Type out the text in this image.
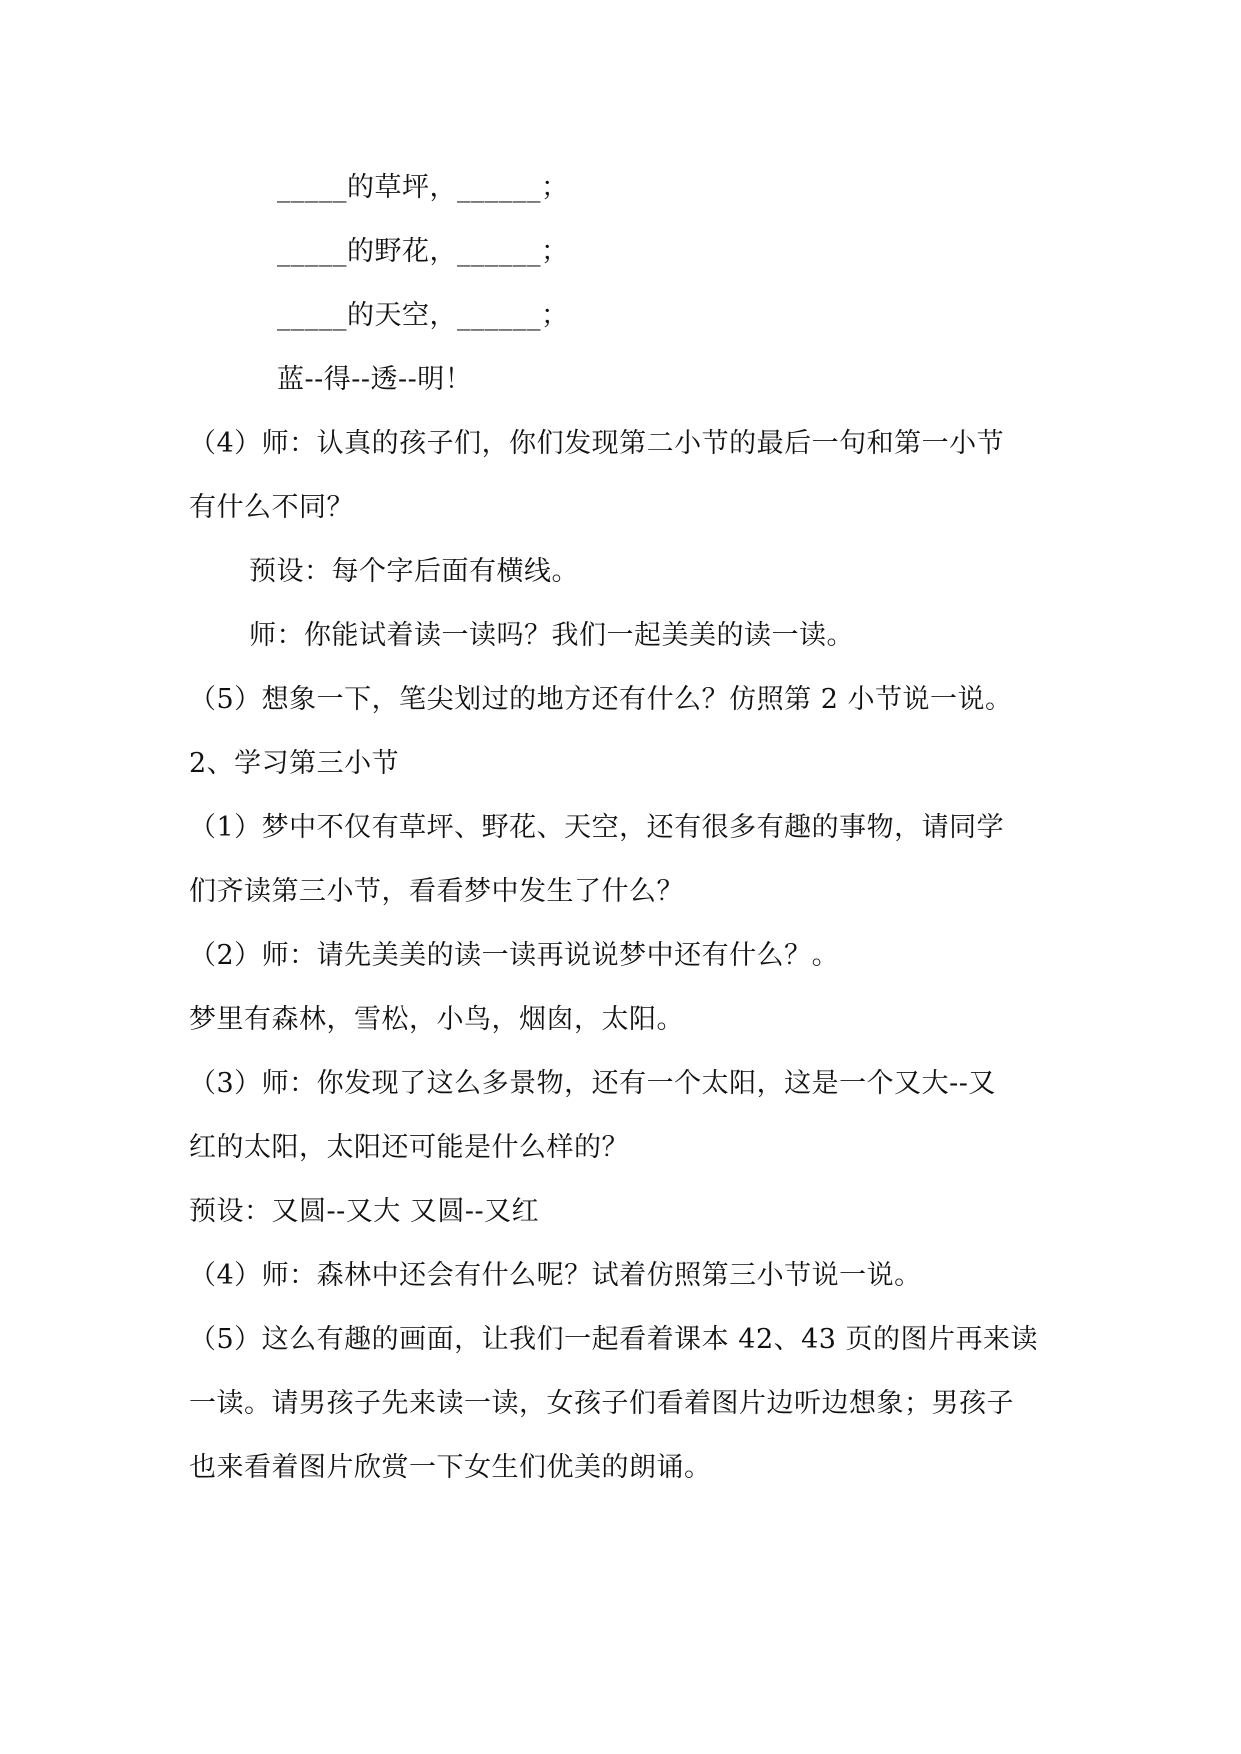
_____的草坪，______；
_____的野花，______；
_____的天空，______；
蓝--得--透--明！
（4）师：认真的孩子们，你们发现第二小节的最后一句和第一小节
有什么不同？
预设：每个字后面有横线。
师：你能试着读一读吗？我们一起美美的读一读。
（5）想象一下，笔尖划过的地方还有什么？仿照第 2 小节说一说。
2、学习第三小节
（1）梦中不仅有草坪、野花、天空，还有很多有趣的事物，请同学
们齐读第三小节，看看梦中发生了什么？
（2）师：请先美美的读一读再说说梦中还有什么？。
梦里有森林，雪松，小鸟，烟囱，太阳。
（3）师：你发现了这么多景物，还有一个太阳，这是一个又大--又
红的太阳，太阳还可能是什么样的？
预设：又圆--又大 又圆--又红
（4）师：森林中还会有什么呢？试着仿照第三小节说一说。
（5）这么有趣的画面，让我们一起看着课本 42、43 页的图片再来读
一读。请男孩子先来读一读，女孩子们看着图片边听边想象；男孩子
也来看着图片欣赏一下女生们优美的朗诵。
